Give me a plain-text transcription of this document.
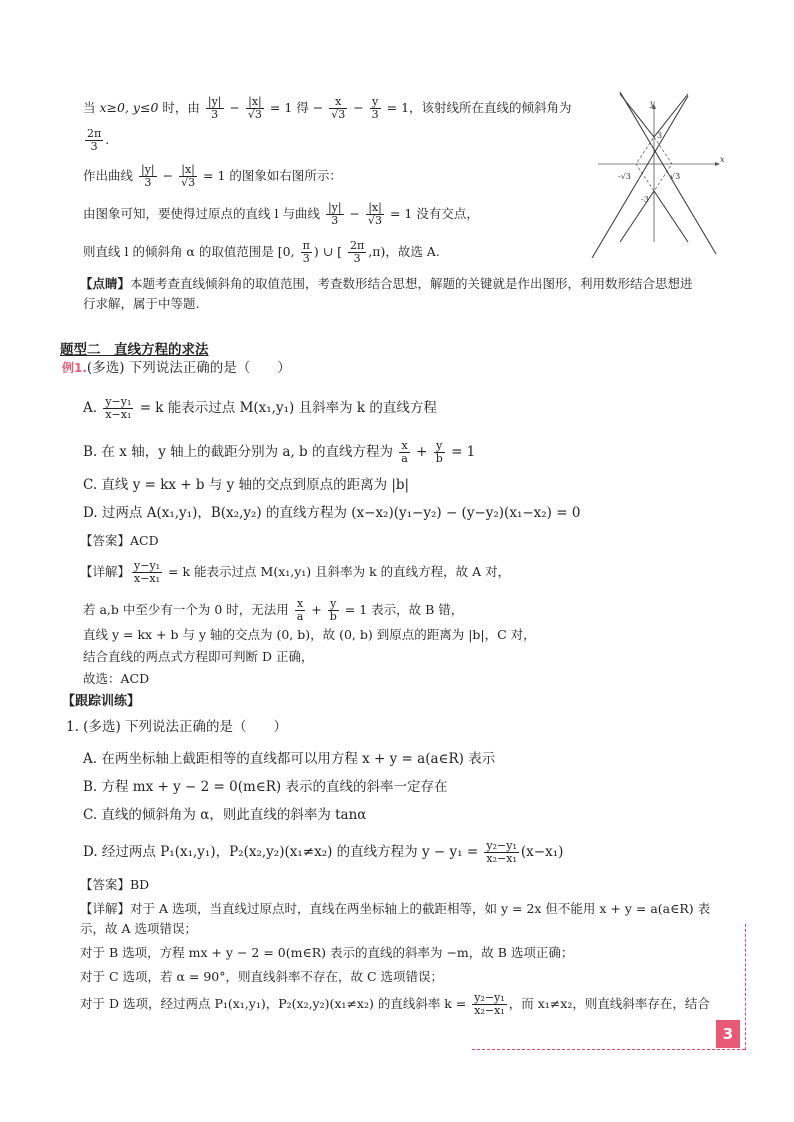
当 x≥0, y≤0 时，由 $\frac{|y|}{3} - \frac{|x|}{√3} = 1$ 得 − $\frac{x}{√3} - \frac{y}{3} = 1$，该射线所在直线的倾斜角为
$\frac{2\pi}{3}$ .
作出曲线 $\frac{|y|}{3} - \frac{|x|}{√3} = 1$ 的图象如右图所示：
由图象可知，要使得过原点的直线 l 与曲线 $\frac{|y|}{3} - \frac{|x|}{√3} = 1$ 没有交点，
则直线 l 的倾斜角 α 的取值范围是 [0, $\frac{\pi}{3}$ ) ∪ [ $\frac{2\pi}{3} ,\pi$)，故选 A.
【点睛】本题考查直线倾斜角的取值范围，考查数形结合思想，解题的关键就是作出图形，利用数形结合思想进
行求解，属于中等题.
x
y
3
-3
-√3	√3
题型二　直线方程的求法
例1.(多选) 下列说法正确的是（　　）
A. $\frac{\text{y−y₁}}{\text{x−x₁}} = k$ 能表示过点 M(x₁,y₁) 且斜率为 k 的直线方程
B. 在 x 轴，y 轴上的截距分别为 a, b 的直线方程为 $\frac{x}{a} + \frac{y}{b} = 1$
C. 直线 y = kx + b 与 y 轴的交点到原点的距离为 |b|
D. 过两点 A(x₁,y₁)，B(x₂,y₂) 的直线方程为 (x−x₂)(y₁−y₂) − (y−y₂)(x₁−x₂) = 0
【答案】ACD
【详解】 $\frac{\text{y−y₁}}{\text{x−x₁}} = k$ 能表示过点 M(x₁,y₁) 且斜率为 k 的直线方程，故 A 对，
若 a,b 中至少有一个为 0 时，无法用 $\frac{x}{a} + \frac{y}{b} = 1$ 表示，故 B 错，
直线 y = kx + b 与 y 轴的交点为 (0, b)，故 (0, b) 到原点的距离为 |b|，C 对，
结合直线的两点式方程即可判断 D 正确，
故选：ACD
【跟踪训练】
1. (多选) 下列说法正确的是（　　）
A. 在两坐标轴上截距相等的直线都可以用方程 x + y = a(a∈R) 表示
B. 方程 mx + y − 2 = 0(m∈R) 表示的直线的斜率一定存在
C. 直线的倾斜角为 α，则此直线的斜率为 tanα
D. 经过两点 P₁(x₁,y₁)，P₂(x₂,y₂)(x₁≠x₂) 的直线方程为 $y - y_1 = \frac{\text{y₂−y₁}}{\text{x₂−x₁}} (x-x_1)$
【答案】BD
【详解】对于 A 选项，当直线过原点时，直线在两坐标轴上的截距相等，如 y = 2x 但不能用 x + y = a(a∈R) 表
示，故 A 选项错误；
对于 B 选项，方程 mx + y − 2 = 0(m∈R) 表示的直线的斜率为 −m，故 B 选项正确；
对于 C 选项，若 α = 90°，则直线斜率不存在，故 C 选项错误；
对于 D 选项，经过两点 P₁(x₁,y₁)，P₂(x₂,y₂)(x₁≠x₂) 的直线斜率 $k = \frac{\text{y₂−y₁}}{\text{x₂−x₁}}$ ，而 x₁≠x₂，则直线斜率存在，结合
3
